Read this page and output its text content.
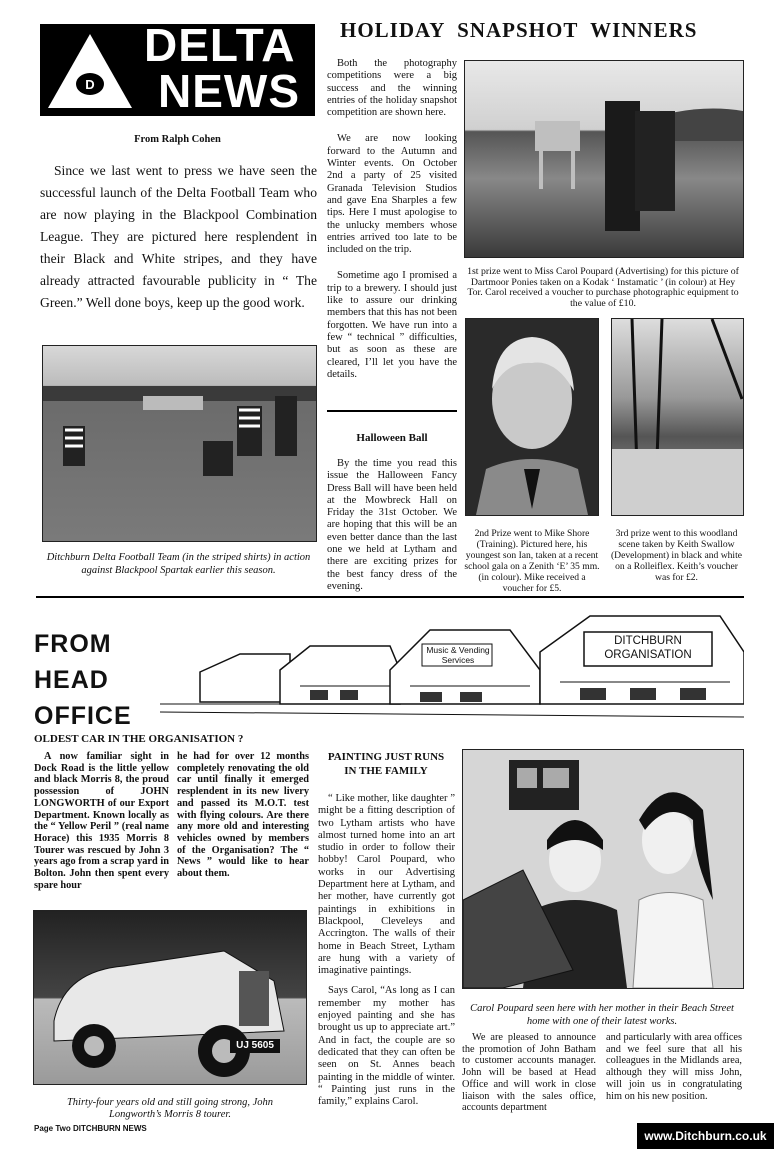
D
DELTA
NEWS
From Ralph Cohen
Since we last went to press we have seen the successful launch of the Delta Football Team who are now playing in the Blackpool Combination League. They are pictured here resplendent in their Black and White stripes, and they have already attracted favourable publicity in “ The Green.” Well done boys, keep up the good work.
Ditchburn Delta Football Team (in the striped shirts) in action against Blackpool Spartak earlier this season.

Both the photography competitions were a big success and the winning entries of the holiday snapshot competition are shown here.

We are now looking forward to the Autumn and Winter events. On October 2nd a party of 25 visited Granada Television Studios and gave Ena Sharples a few tips. Here I must apologise to the unlucky members whose entries arrived too late to be included on the trip.

Sometime ago I promised a trip to a brewery. I should just like to assure our drinking members that this has not been forgotten. We have run into a few “ technical ” difficulties, but as soon as these are cleared, I’ll let you have the details.

Halloween Ball
By the time you read this issue the Halloween Fancy Dress Ball will have been held at the Mowbreck Hall on Friday the 31st October. We are hoping that this will be an even better dance than the last one we held at Lytham and there are exciting prizes for the best fancy dress of the evening.
HOLIDAY  SNAPSHOT  WINNERS
1st prize went to Miss Carol Poupard (Advertising) for this picture of Dartmoor Ponies taken on a Kodak ‘ Instamatic ’ (in colour) at Hey Tor. Carol received a voucher to purchase photographic equipment to the value of £10.
2nd Prize went to Mike Shore (Training). Pictured here, his youngest son Ian, taken at a recent school gala on a Zenith ‘E’ 35 mm. (in colour). Mike received a voucher for £5.
3rd prize went to this woodland scene taken by Keith Swallow (Development) in black and white on a Rolleiflex. Keith’s voucher was for £2.
FROM
HEAD
OFFICE
Music & Vending Services
DITCHBURN ORGANISATION
OLDEST CAR IN THE ORGANISATION ?
A now familiar sight in Dock Road is the little yellow and black Morris 8, the proud possession of JOHN LONGWORTH of our Export Department. Known locally as the “ Yellow Peril ” (real name Horace) this 1935 Morris 8 Tourer was rescued by John 3 years ago from a scrap yard in Bolton. John then spent every spare hour
he had for over 12 months completely renovating the old car until finally it emerged resplendent in its new livery and passed its M.O.T. test with flying colours. Are there any more old and interesting vehicles owned by members of the Organisation? The “ News ” would like to hear about them.
UJ 5605
Thirty-four years old and still going strong, John Longworth’s Morris 8 tourer.
Page Two DITCHBURN NEWS
PAINTING JUST RUNS
IN THE FAMILY

“ Like mother, like daughter ” might be a fitting description of two Lytham artists who have almost turned home into an art studio in order to follow their hobby! Carol Poupard, who works in our Advertising Department here at Lytham, and her mother, have currently got paintings in exhibitions in Blackpool, Cleveleys and Accrington. The walls of their home in Beach Street, Lytham are hung with a variety of imaginative paintings.

Says Carol, “As long as I can remember my mother has enjoyed painting and she has brought us up to appreciate art.” And in fact, the couple are so dedicated that they can often be seen on St. Annes beach painting in the middle of winter. “ Painting just runs in the family,” explains Carol.

Carol Poupard seen here with her mother in their Beach Street home with one of their latest works.
We are pleased to announce the promotion of John Batham to customer accounts manager. John will be based at Head Office and will work in close liaison with the sales office, accounts department
and particularly with area offices and we feel sure that all his colleagues in the Midlands area, although they will miss John, will join us in congratulating him on his new position.
www.Ditchburn.co.uk
